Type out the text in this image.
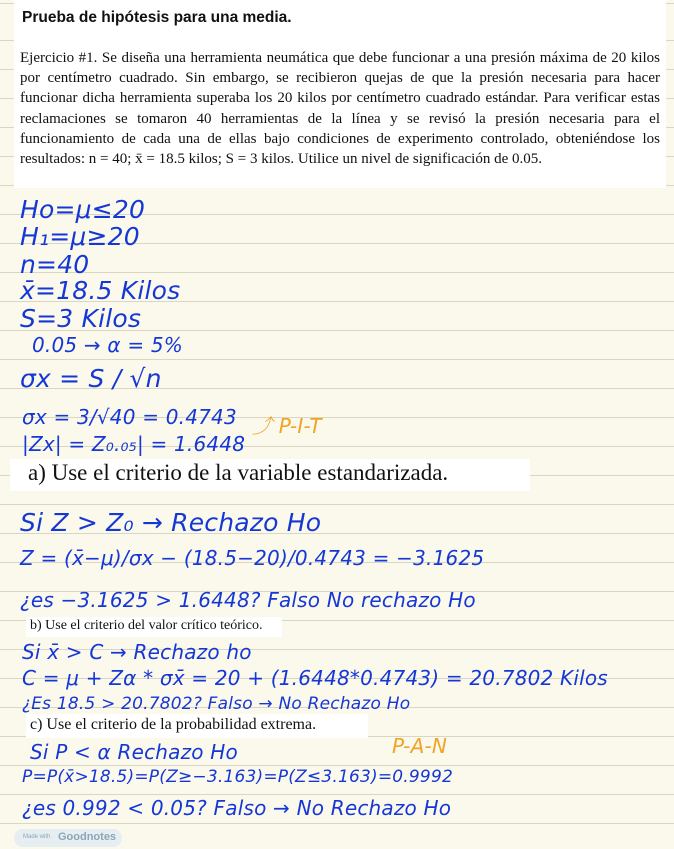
Prueba de hipótesis para una media.

Ejercicio #1. Se diseña una herramienta neumática que debe funcionar a una presión máxima de 20 kilos por centímetro cuadrado. Sin embargo, se recibieron quejas de que la presión necesaria para hacer funcionar dicha herramienta superaba los 20 kilos por centímetro cuadrado estándar. Para verificar estas reclamaciones se tomaron 40 herramientas de la línea y se revisó la presión necesaria para el funcionamiento de cada una de ellas bajo condiciones de experimento controlado, obteniéndose los resultados: n = 40; x̄ = 18.5 kilos; S = 3 kilos. Utilice un nivel de significación de 0.05.

Ho=μ≤20
H₁=μ≥20
n=40
x̄=18.5 Kilos
S=3 Kilos
0.05 → α = 5%
σx = S / √n
σx = 3/√40 = 0.4743
|Zx| = Z₀.₀₅| = 1.6448
⤴ P-I-T
a) Use el criterio de la variable estandarizada.
Si Z > Z₀ → Rechazo Ho
Z = (x̄−μ)/σx − (18.5−20)/0.4743 = −3.1625
¿es −3.1625 > 1.6448? Falso No rechazo Ho
b) Use el criterio del valor crítico teórico.
Si x̄ > C → Rechazo ho
C = μ + Zα * σx̄ = 20 + (1.6448*0.4743) = 20.7802 Kilos
¿Es 18.5 > 20.7802? Falso → No Rechazo Ho
c) Use el criterio de la probabilidad extrema.
P-A-N
Si P < α Rechazo Ho
P=P(x̄>18.5)=P(Z≥−3.163)=P(Z≤3.163)=0.9992
¿es 0.992 < 0.05? Falso → No Rechazo Ho
Made with Goodnotes
